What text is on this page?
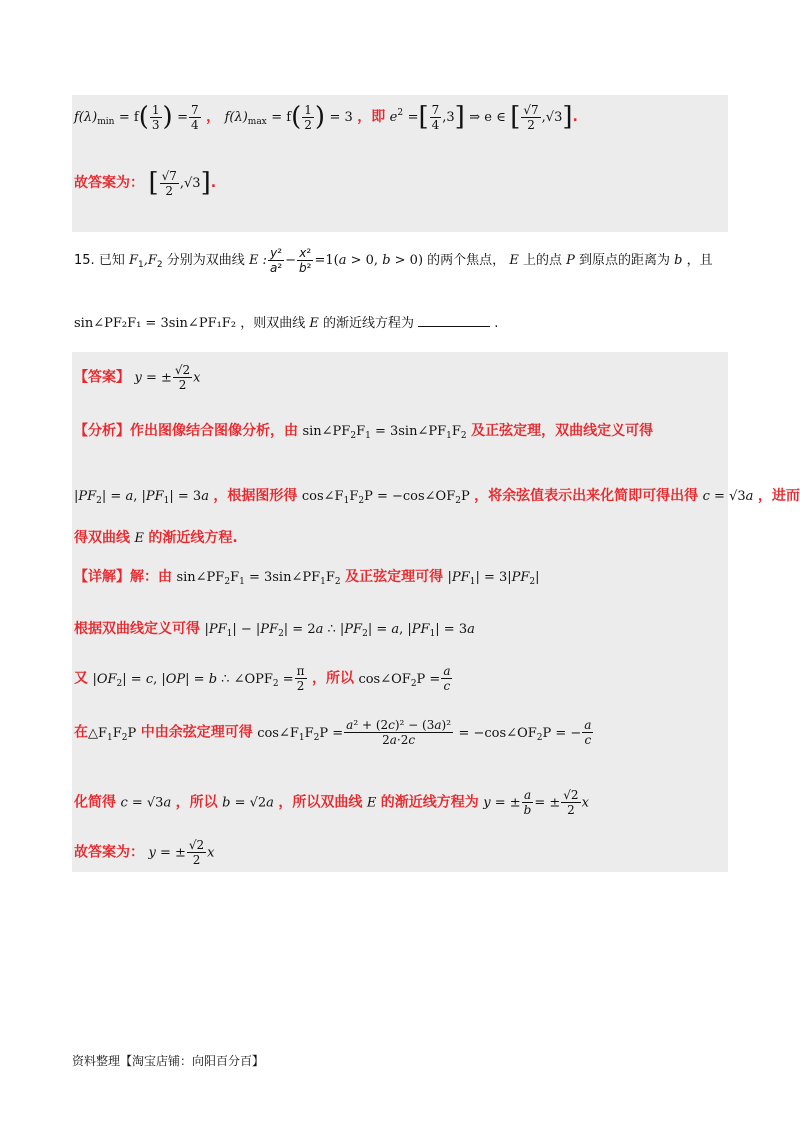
$f(\lambda)_{min} = f( \frac{1}{3}$ ) = $\frac{7}{4}$ ， $f(\lambda)_{max} = f( \frac{1}{2}$ ) = 3 ，即 $e^2$ =[ $\frac{7}{4} ,3$] ⇒ e ∈ [ $\frac{√7}{2} ,√3$].
故答案为： [ $\frac{√7}{2} ,√3$].
15. 已知 $F_1,F_2$ 分别为双曲线 E : $\frac{\text{y²}}{\text{a²}} - \frac{\text{x²}}{\text{b²}} =1(a > 0$, b > 0) 的两个焦点， E 上的点 P 到原点的距离为 b ，且
sin∠PF₂F₁ = 3sin∠PF₁F₂ ，则双曲线 E 的渐近线方程为	.
【答案】 y = ± $\frac{√2}{2}$ x
【分析】作出图像结合图像分析，由 $\sin\angle PF_2F_1$ = $3\sin\angle PF_1F_2$ 及正弦定理，双曲线定义可得
$|PF_2| = a$, $|PF_1| = 3a$ ，根据图形得 $\cos\angle F_1F_2P$ = $-\cos\angle OF_2P$ ，将余弦值表示出来化简即可得出得 c = √3a ，进而
得双曲线 E 的渐近线方程.
【详解】解：由 $\sin\angle PF_2F_1$ = $3\sin\angle PF_1F_2$ 及正弦定理可得 $|PF_1| = 3|PF_2|$
根据双曲线定义可得 $|PF_1| - |PF_2| = 2a$ ∴ $|PF_2| = a$, $|PF_1| = 3a$
又 $|OF_2| = c$, |OP| = b ∴ $\angle OPF_2 = \frac{\pi}{2}$ ，所以 $\cos\angle OF_2P = \frac{a}{c}$
在$\triangle F_1F_2P$ 中由余弦定理可得 $\cos\angle F_1F_2P = \frac{\text{a² + (2c)² − (3a)²}}{2a\cdot 2c}$ = $-\cos\angle OF_2P$ = − $\frac{a}{c}$
化简得 c = √3a ，所以 b = √2a ，所以双曲线 E 的渐近线方程为 y = ± $\frac{a}{b}$ = ± $\frac{√2}{2}$ x
故答案为： y = ± $\frac{√2}{2}$ x
资料整理【淘宝店铺：向阳百分百】
